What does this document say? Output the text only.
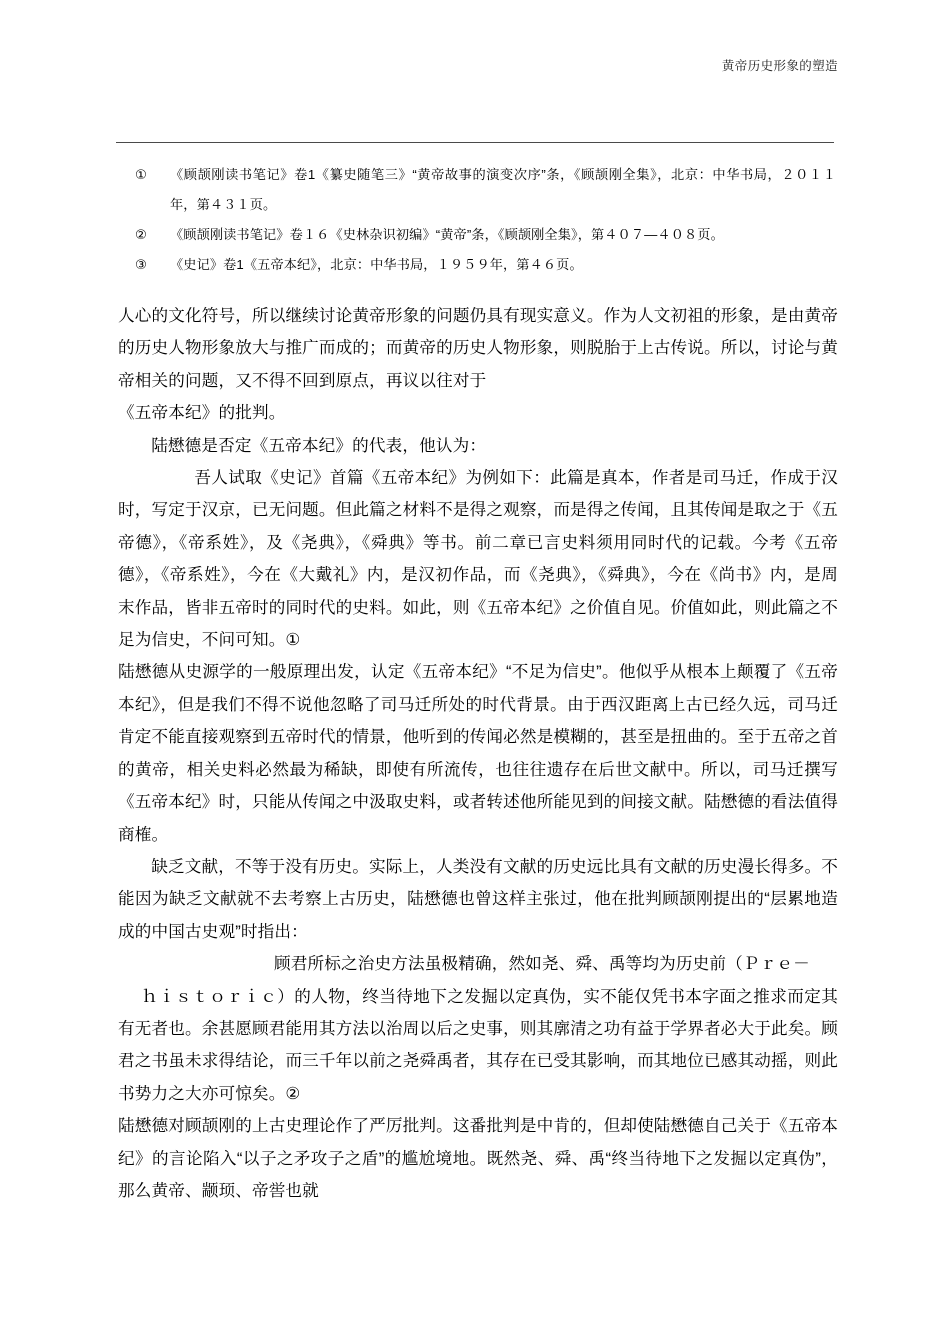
黄帝历史形象的塑造
①	《顾颉刚读书笔记》卷1《纂史随笔三》“黄帝故事的演变次序”条，《顾颉刚全集》，北京：中华书局，２０１１年，第４３１页。
②	《顾颉刚读书笔记》卷１６《史林杂识初编》“黄帝”条，《顾颉刚全集》，第４０７—４０８页。
③	《史记》卷1《五帝本纪》，北京：中华书局，１９５９年，第４６页。

人心的文化符号，所以继续讨论黄帝形象的问题仍具有现实意义。作为人文初祖的形象，是由黄帝的历史人物形象放大与推广而成的；而黄帝的历史人物形象，则脱胎于上古传说。所以，讨论与黄帝相关的问题，又不得不回到原点，再议以往对于

《五帝本纪》的批判。

陆懋德是否定《五帝本纪》的代表，他认为：

吾人试取《史记》首篇《五帝本纪》为例如下：此篇是真本，作者是司马迁，作成于汉时，写定于汉京，已无问题。但此篇之材料不是得之观察，而是得之传闻，且其传闻是取之于《五帝德》，《帝系姓》，及《尧典》，《舜典》等书。前二章已言史料须用同时代的记载。今考《五帝德》，《帝系姓》，今在《大戴礼》内，是汉初作品，而《尧典》，《舜典》，今在《尚书》内，是周末作品，皆非五帝时的同时代的史料。如此，则《五帝本纪》之价值自见。价值如此，则此篇之不足为信史，不问可知。①

陆懋德从史源学的一般原理出发，认定《五帝本纪》“不足为信史”。他似乎从根本上颠覆了《五帝本纪》，但是我们不得不说他忽略了司马迁所处的时代背景。由于西汉距离上古已经久远，司马迁肯定不能直接观察到五帝时代的情景，他听到的传闻必然是模糊的，甚至是扭曲的。至于五帝之首的黄帝，相关史料必然最为稀缺，即使有所流传，也往往遗存在后世文献中。所以，司马迁撰写《五帝本纪》时，只能从传闻之中汲取史料，或者转述他所能见到的间接文献。陆懋德的看法值得商榷。

缺乏文献，不等于没有历史。实际上，人类没有文献的历史远比具有文献的历史漫长得多。不能因为缺乏文献就不去考察上古历史，陆懋德也曾这样主张过，他在批判顾颉刚提出的“层累地造成的中国古史观”时指出：

顾君所标之治史方法虽极精确，然如尧、舜、禹等均为历史前（Ｐｒｅ－

ｈｉｓｔｏｒｉｃ）的人物，终当待地下之发掘以定真伪，实不能仅凭书本字面之推求而定其有无者也。余甚愿顾君能用其方法以治周以后之史事，则其廓清之功有益于学界者必大于此矣。顾君之书虽未求得结论，而三千年以前之尧舜禹者，其存在已受其影响，而其地位已感其动摇，则此书势力之大亦可惊矣。②

陆懋德对顾颉刚的上古史理论作了严厉批判。这番批判是中肯的，但却使陆懋德自己关于《五帝本纪》的言论陷入“以子之矛攻子之盾”的尴尬境地。既然尧、舜、禹“终当待地下之发掘以定真伪”，那么黄帝、颛顼、帝喾也就
